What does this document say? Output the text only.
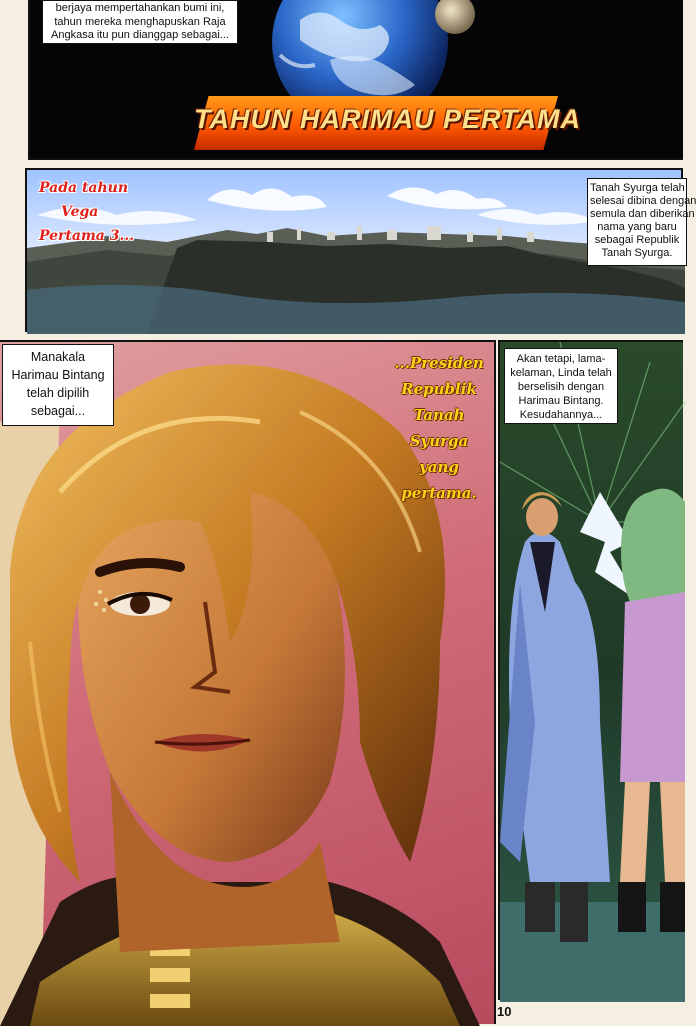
berjaya mempertahankan bumi ini,
tahun mereka menghapuskan Raja
Angkasa itu pun dianggap sebagai...
TAHUN HARIMAU PERTAMA
Pada tahun
Vega
Pertama 3...
Tanah Syurga telah
selesai dibina dengan
semula dan diberikan
nama yang baru
sebagai Republik
Tanah Syurga.
Manakala
Harimau Bintang
telah dipilih
sebagai...
...Presiden
Republik
Tanah
Syurga
yang
pertama.
Akan tetapi, lama-
kelaman, Linda telah
berselisih dengan
Harimau Bintang.
Kesudahannya...
10
